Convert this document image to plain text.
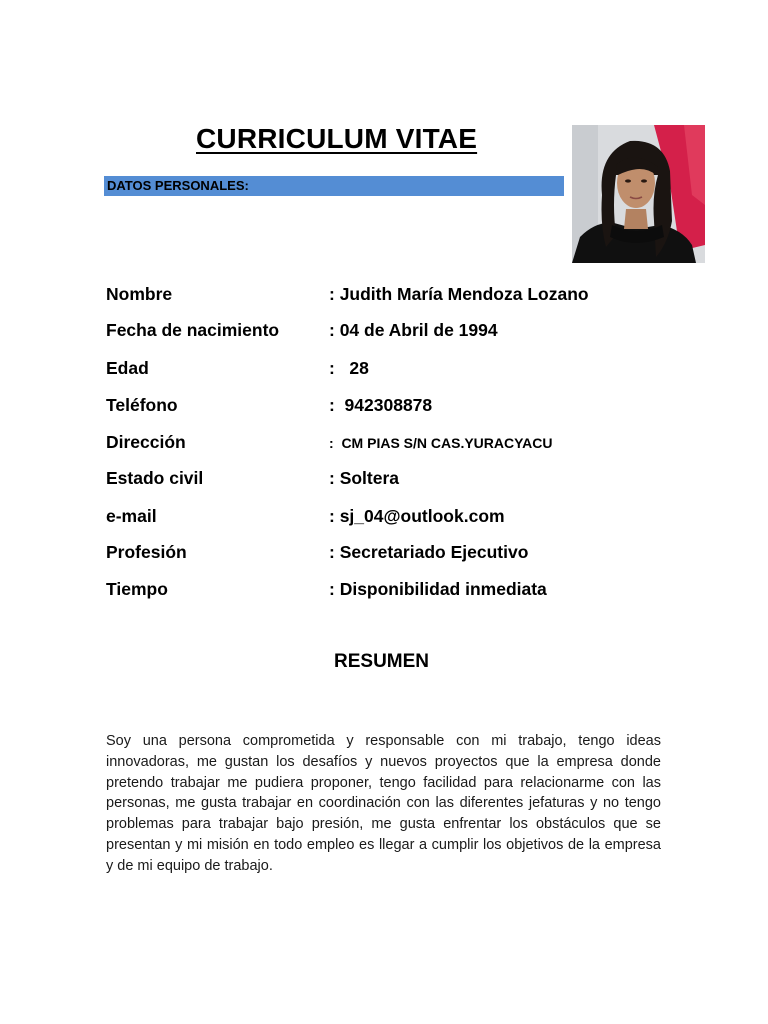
CURRICULUM VITAE
DATOS PERSONALES:
Nombre	: Judith María Mendoza Lozano
Fecha de nacimiento	: 04 de Abril de 1994
Edad	:   28
Teléfono	:  942308878
Dirección	:  CM PIAS S/N CAS.YURACYACU
Estado civil	: Soltera
e-mail	: sj_04@outlook.com
Profesión	: Secretariado Ejecutivo
Tiempo	: Disponibilidad inmediata
RESUMEN

Soy una persona comprometida y responsable con mi trabajo, tengo ideas innovadoras, me gustan los desafíos y nuevos proyectos que la empresa donde pretendo trabajar me pudiera proponer, tengo facilidad para relacionarme con las personas, me gusta trabajar en coordinación con las diferentes jefaturas y no tengo problemas para trabajar bajo presión, me gusta enfrentar los obstáculos que se presentan y mi misión en todo empleo es llegar a cumplir los objetivos de la empresa y de mi equipo de trabajo.
